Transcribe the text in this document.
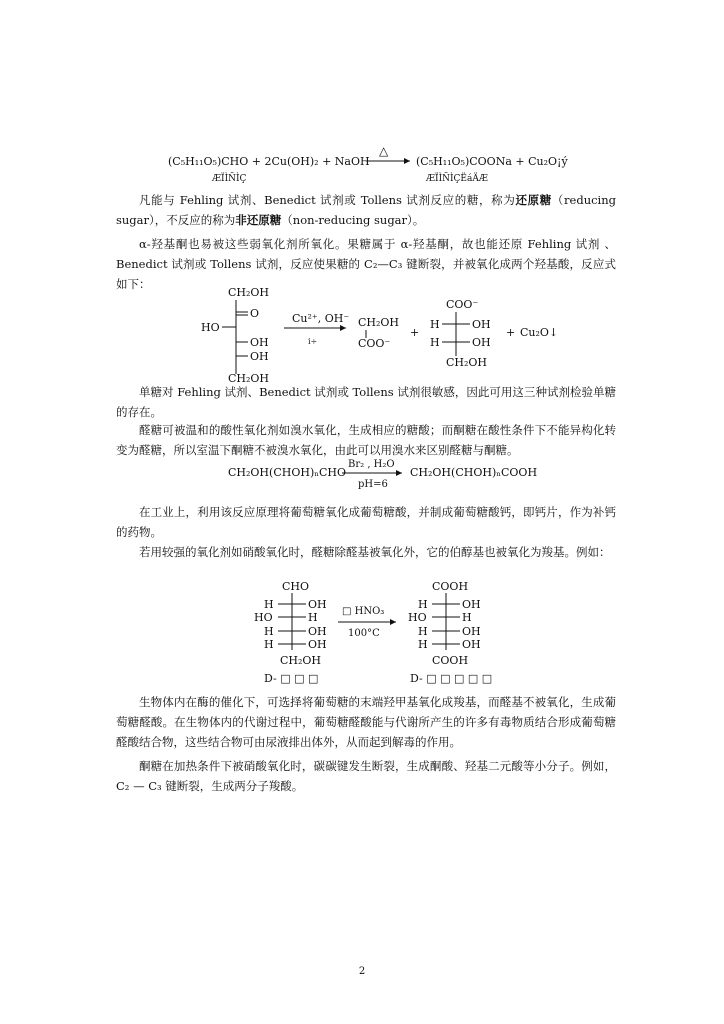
(C₅H₁₁O₅)CHO + 2Cu(OH)₂ + NaOH
△
(C₅H₁₁O₅)COONa + Cu₂O¡ý
ÆÏÌÑÌÇ	ÆÏÌÑÌÇËáÄÆ
凡能与 Fehling 试剂、Benedict 试剂或 Tollens 试剂反应的糖，称为还原糖（reducing sugar），不反应的称为非还原糖（non-reducing sugar）。
α-羟基酮也易被这些弱氧化剂所氧化。果糖属于 α-羟基酮，故也能还原 Fehling 试剂 、Benedict 试剂或 Tollens 试剂，反应使果糖的 C₂—C₃ 键断裂，并被氧化成两个羟基酸，反应式如下：
CH₂OH
O
HO
OH
OH
CH₂OH
Cu²⁺, OH⁻
i÷
CH₂OH
COO⁻
+
COO⁻
H	OH
H	OH
CH₂OH
+ Cu₂O↓
单糖对 Fehling 试剂、Benedict 试剂或 Tollens 试剂很敏感，因此可用这三种试剂检验单糖的存在。
醛糖可被温和的酸性氧化剂如溴水氧化，生成相应的糖酸；而酮糖在酸性条件下不能异构化转变为醛糖，所以室温下酮糖不被溴水氧化，由此可以用溴水来区别醛糖与酮糖。
CH₂OH(CHOH)ₙCHO
Br₂ , H₂O
pH=6
CH₂OH(CHOH)ₙCOOH
在工业上，利用该反应原理将葡萄糖氧化成葡萄糖酸，并制成葡萄糖酸钙，即钙片，作为补钙的药物。
若用较强的氧化剂如硝酸氧化时，醛糖除醛基被氧化外，它的伯醇基也被氧化为羧基。例如：
CHO
H	OH
HO	H
H	OH
H	OH
CH₂OH
D- □ □ □
□ HNO₃
100°C
COOH
H	OH
HO	H
H	OH
H	OH
COOH
D- □ □ □ □ □
生物体内在酶的催化下，可选择将葡萄糖的末端羟甲基氧化成羧基，而醛基不被氧化，生成葡萄糖醛酸。在生物体内的代谢过程中，葡萄糖醛酸能与代谢所产生的许多有毒物质结合形成葡萄糖醛酸结合物，这些结合物可由尿液排出体外，从而起到解毒的作用。
酮糖在加热条件下被硝酸氧化时，碳碳键发生断裂，生成酮酸、羟基二元酸等小分子。例如，C₂ — C₃ 键断裂，生成两分子羧酸。
2
